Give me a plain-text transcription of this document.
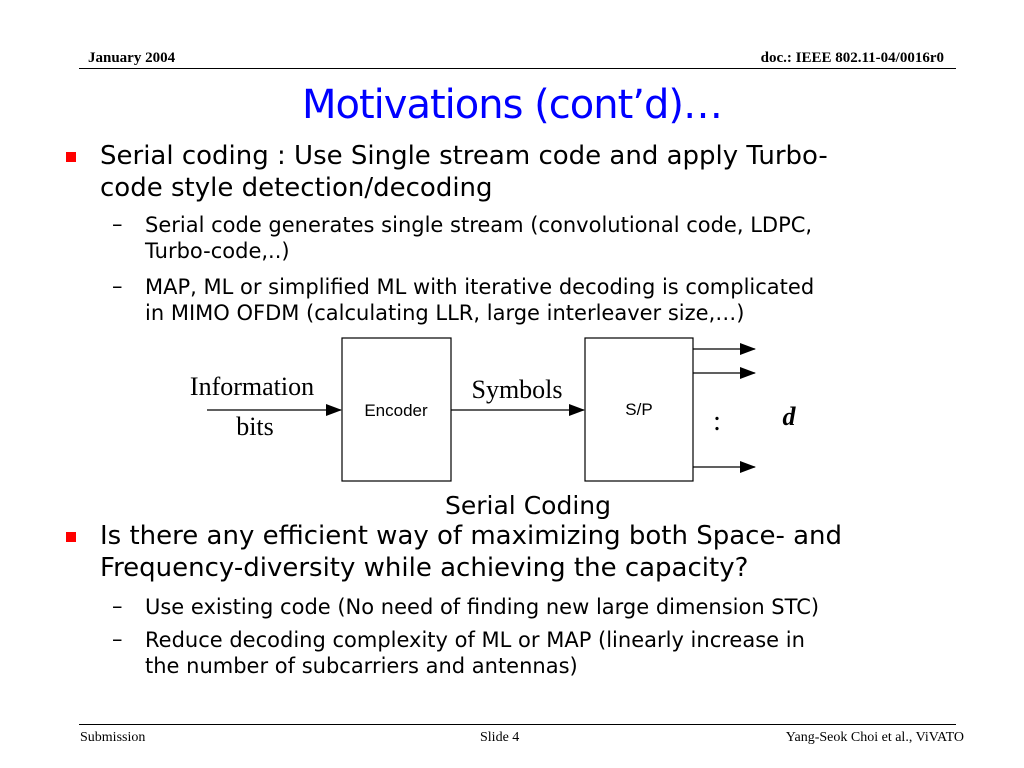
January 2004	doc.: IEEE 802.11-04/0016r0
Motivations (cont’d)…
Serial coding : Use Single stream code and apply Turbo-
code style detection/decoding
– Serial code generates single stream (convolutional code, LDPC,
Turbo-code,..)
– MAP, ML or simplified ML with iterative decoding is complicated
in MIMO OFDM (calculating LLR, large interleaver size,…)
Information
bits
Encoder
Symbols
S/P : d
Serial Coding
Is there any efficient way of maximizing both Space- and
Frequency-diversity while achieving the capacity?
– Use existing code (No need of finding new large dimension STC)
– Reduce decoding complexity of ML or MAP (linearly increase in
the number of subcarriers and antennas)
Submission	Slide 4	Yang-Seok Choi et al., ViVATO
